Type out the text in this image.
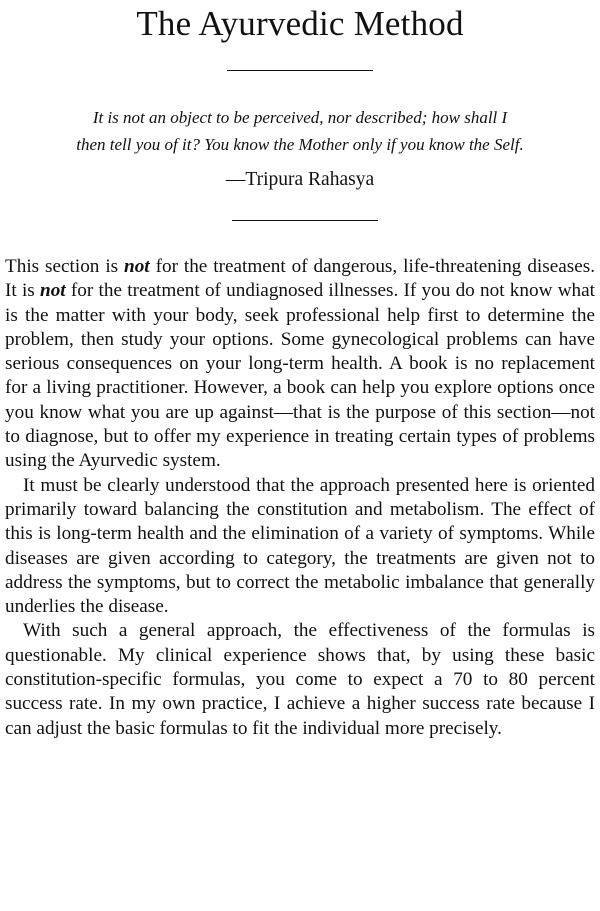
The Ayurvedic Method
It is not an object to be perceived, nor described; how shall I
then tell you of it? You know the Mother only if you know the Self.
—Tripura Rahasya

This section is not for the treatment of dangerous, life-threatening diseases. It is not for the treatment of undiagnosed illnesses. If you do not know what is the matter with your body, seek professional help first to determine the problem, then study your options. Some gynecological problems can have serious consequences on your long-term health. A book is no replacement for a living practitioner. However, a book can help you explore options once you know what you are up against—that is the purpose of this section—not to diagnose, but to offer my experience in treating certain types of problems using the Ayurvedic system.

It must be clearly understood that the approach presented here is oriented primarily toward balancing the constitution and metabolism. The effect of this is long-term health and the elimination of a variety of symptoms. While diseases are given according to category, the treatments are given not to address the symptoms, but to correct the metabolic imbalance that generally underlies the disease.

With such a general approach, the effectiveness of the formulas is questionable. My clinical experience shows that, by using these basic constitution-specific formulas, you come to expect a 70 to 80 percent success rate. In my own practice, I achieve a higher success rate because I can adjust the basic formulas to fit the individual more precisely.
